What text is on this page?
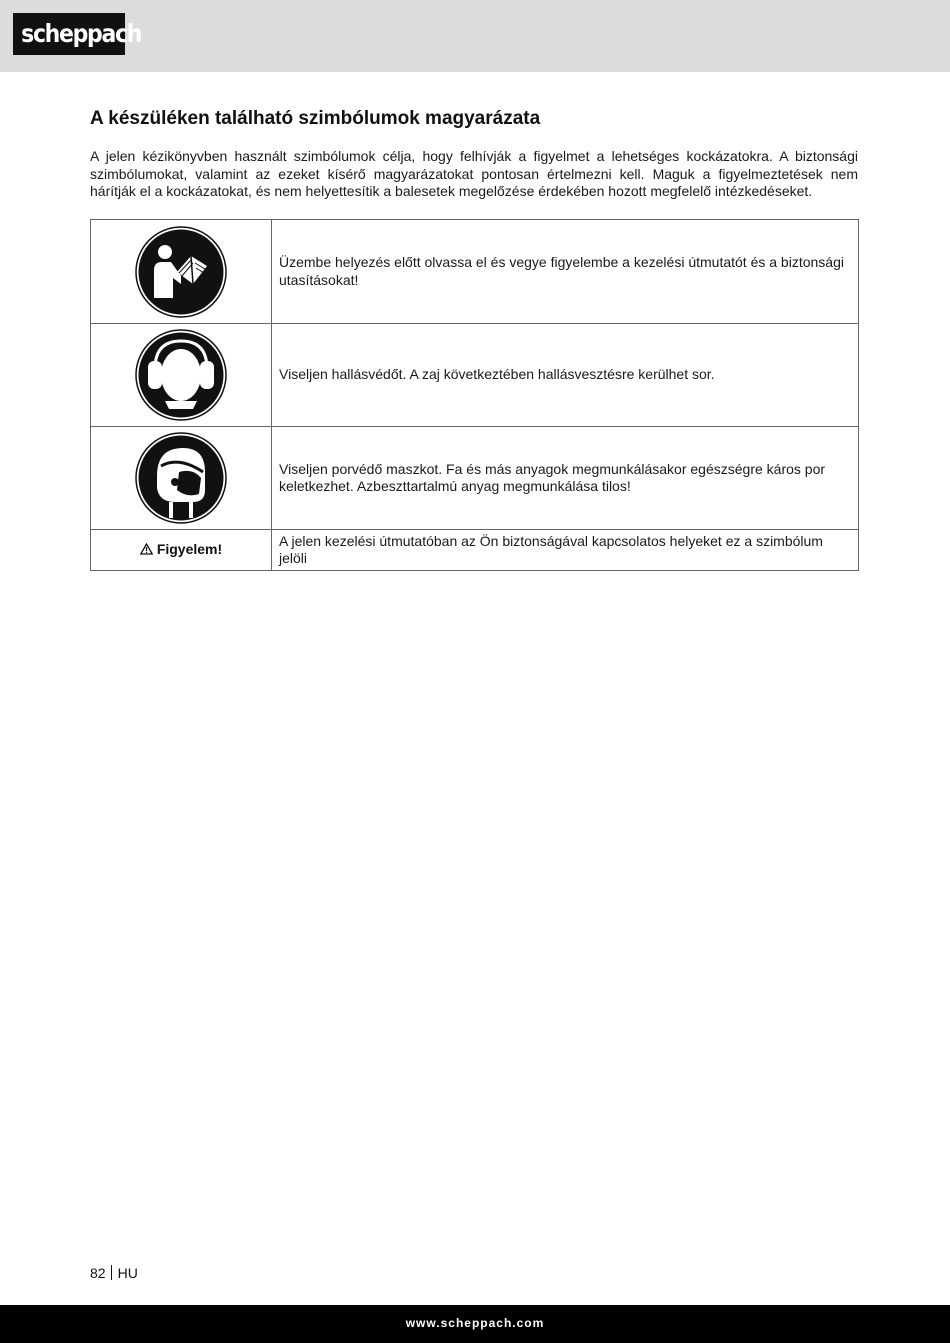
scheppach
A készüléken található szimbólumok magyarázata

A jelen kézikönyvben használt szimbólumok célja, hogy felhívják a figyelmet a lehetséges kockázatokra. A biztonsági szimbólumokat, valamint az ezeket kísérő magyarázatokat pontosan értelmezni kell. Maguk a figyelmeztetések nem hárítják el a kockázatokat, és nem helyettesítik a balesetek megelőzése érdekében hozott megfelelő intézkedéseket.

	Üzembe helyezés előtt olvassa el és vegye figyelembe a kezelési útmutatót és a biztonsági utasításokat!

	Viseljen hallásvédőt. A zaj következtében hallásvesztésre kerülhet sor.

	Viseljen porvédő maszkot. Fa és más anyagok megmunkálásakor egészségre káros por keletkezhet. Azbeszttartalmú anyag megmunkálása tilos!

Figyelem!	A jelen kezelési útmutatóban az Ön biztonságával kapcsolatos helyeket ez a szimbólum jelöli
82 HU
www.scheppach.com
